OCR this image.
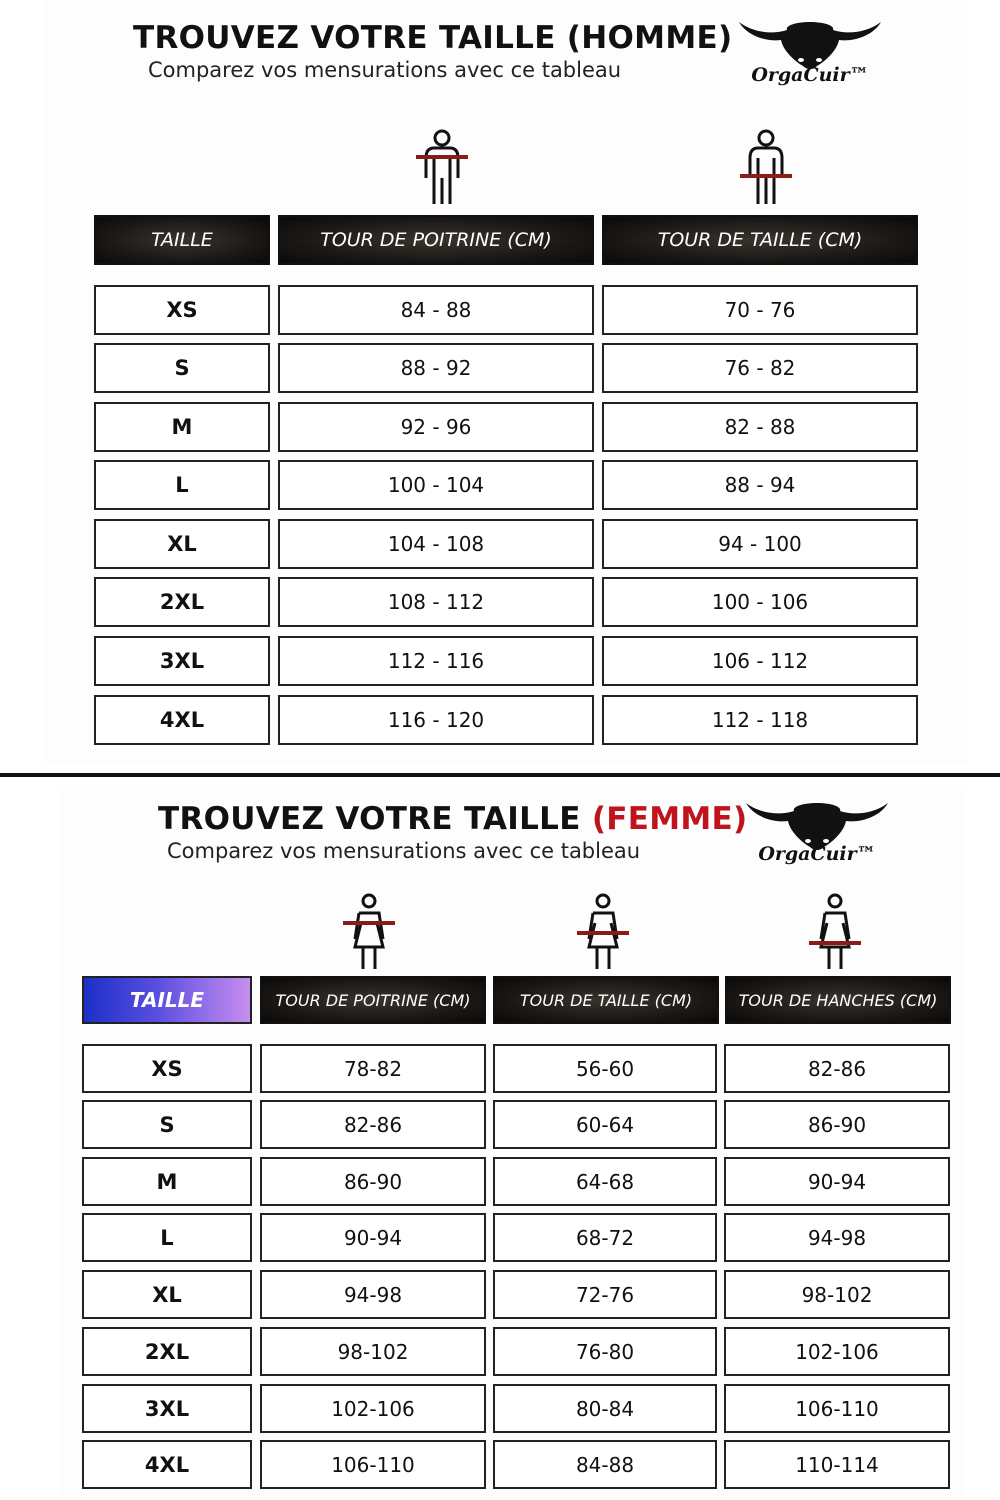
TROUVEZ VOTRE TAILLE (HOMME)
Comparez vos mensurations avec ce tableau	OrgaCuir™
TAILLE	TOUR DE POITRINE (CM)	TOUR DE TAILLE (CM)
XS	84 - 88	70 - 76
S	88 - 92	76 - 82
M	92 - 96	82 - 88
L	100 - 104	88 - 94
XL	104 - 108	94 - 100
2XL	108 - 112	100 - 106
3XL	112 - 116	106 - 112
4XL	116 - 120	112 - 118
TROUVEZ VOTRE TAILLE (FEMME)
Comparez vos mensurations avec ce tableau	OrgaCuir™
TAILLE	TOUR DE POITRINE (CM)	TOUR DE TAILLE (CM)	TOUR DE HANCHES (CM)
XS	78-82	56-60	82-86
S	82-86	60-64	86-90
M	86-90	64-68	90-94
L	90-94	68-72	94-98
XL	94-98	72-76	98-102
2XL	98-102	76-80	102-106
3XL	102-106	80-84	106-110
4XL	106-110	84-88	110-114
